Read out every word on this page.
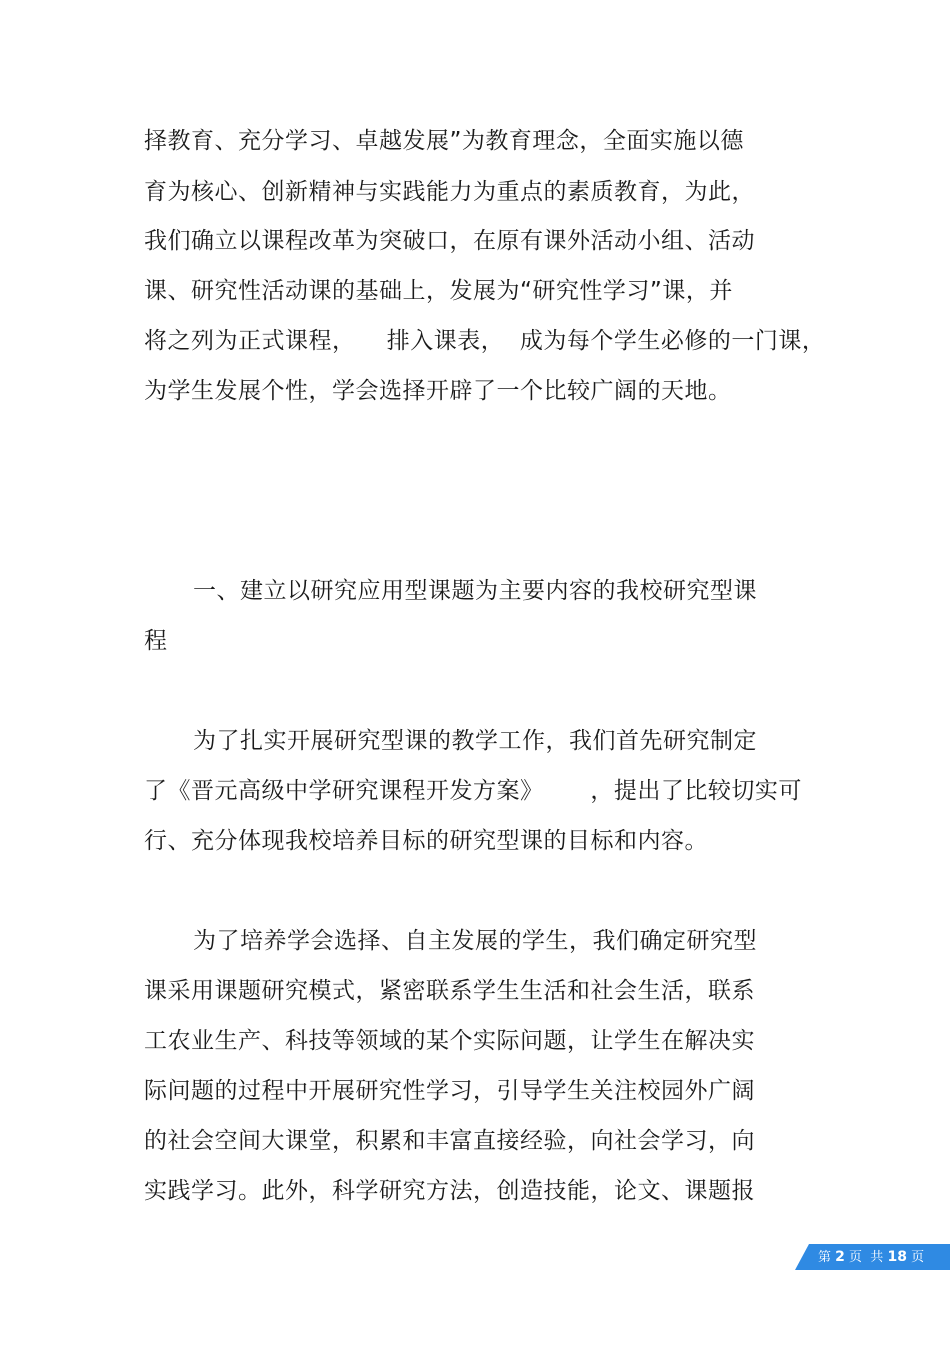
择教育、充分学习、卓越发展”为教育理念，全面实施以德
育为核心、创新精神与实践能力为重点的素质教育，为此，
我们确立以课程改革为突破口，在原有课外活动小组、活动
课、研究性活动课的基础上，发展为“研究性学习”课，并
将之列为正式课程，    排入课表，  成为每个学生必修的一门课，
为学生发展个性，学会选择开辟了一个比较广阔的天地。
一、建立以研究应用型课题为主要内容的我校研究型课
程
为了扎实开展研究型课的教学工作，我们首先研究制定
了《晋元高级中学研究课程开发方案》      ，提出了比较切实可
行、充分体现我校培养目标的研究型课的目标和内容。
为了培养学会选择、自主发展的学生，我们确定研究型
课采用课题研究模式，紧密联系学生生活和社会生活，联系
工农业生产、科技等领域的某个实际问题，让学生在解决实
际问题的过程中开展研究性学习，引导学生关注校园外广阔
的社会空间大课堂，积累和丰富直接经验，向社会学习，向
实践学习。此外，科学研究方法，创造技能，论文、课题报
第 2 页  共 18 页
